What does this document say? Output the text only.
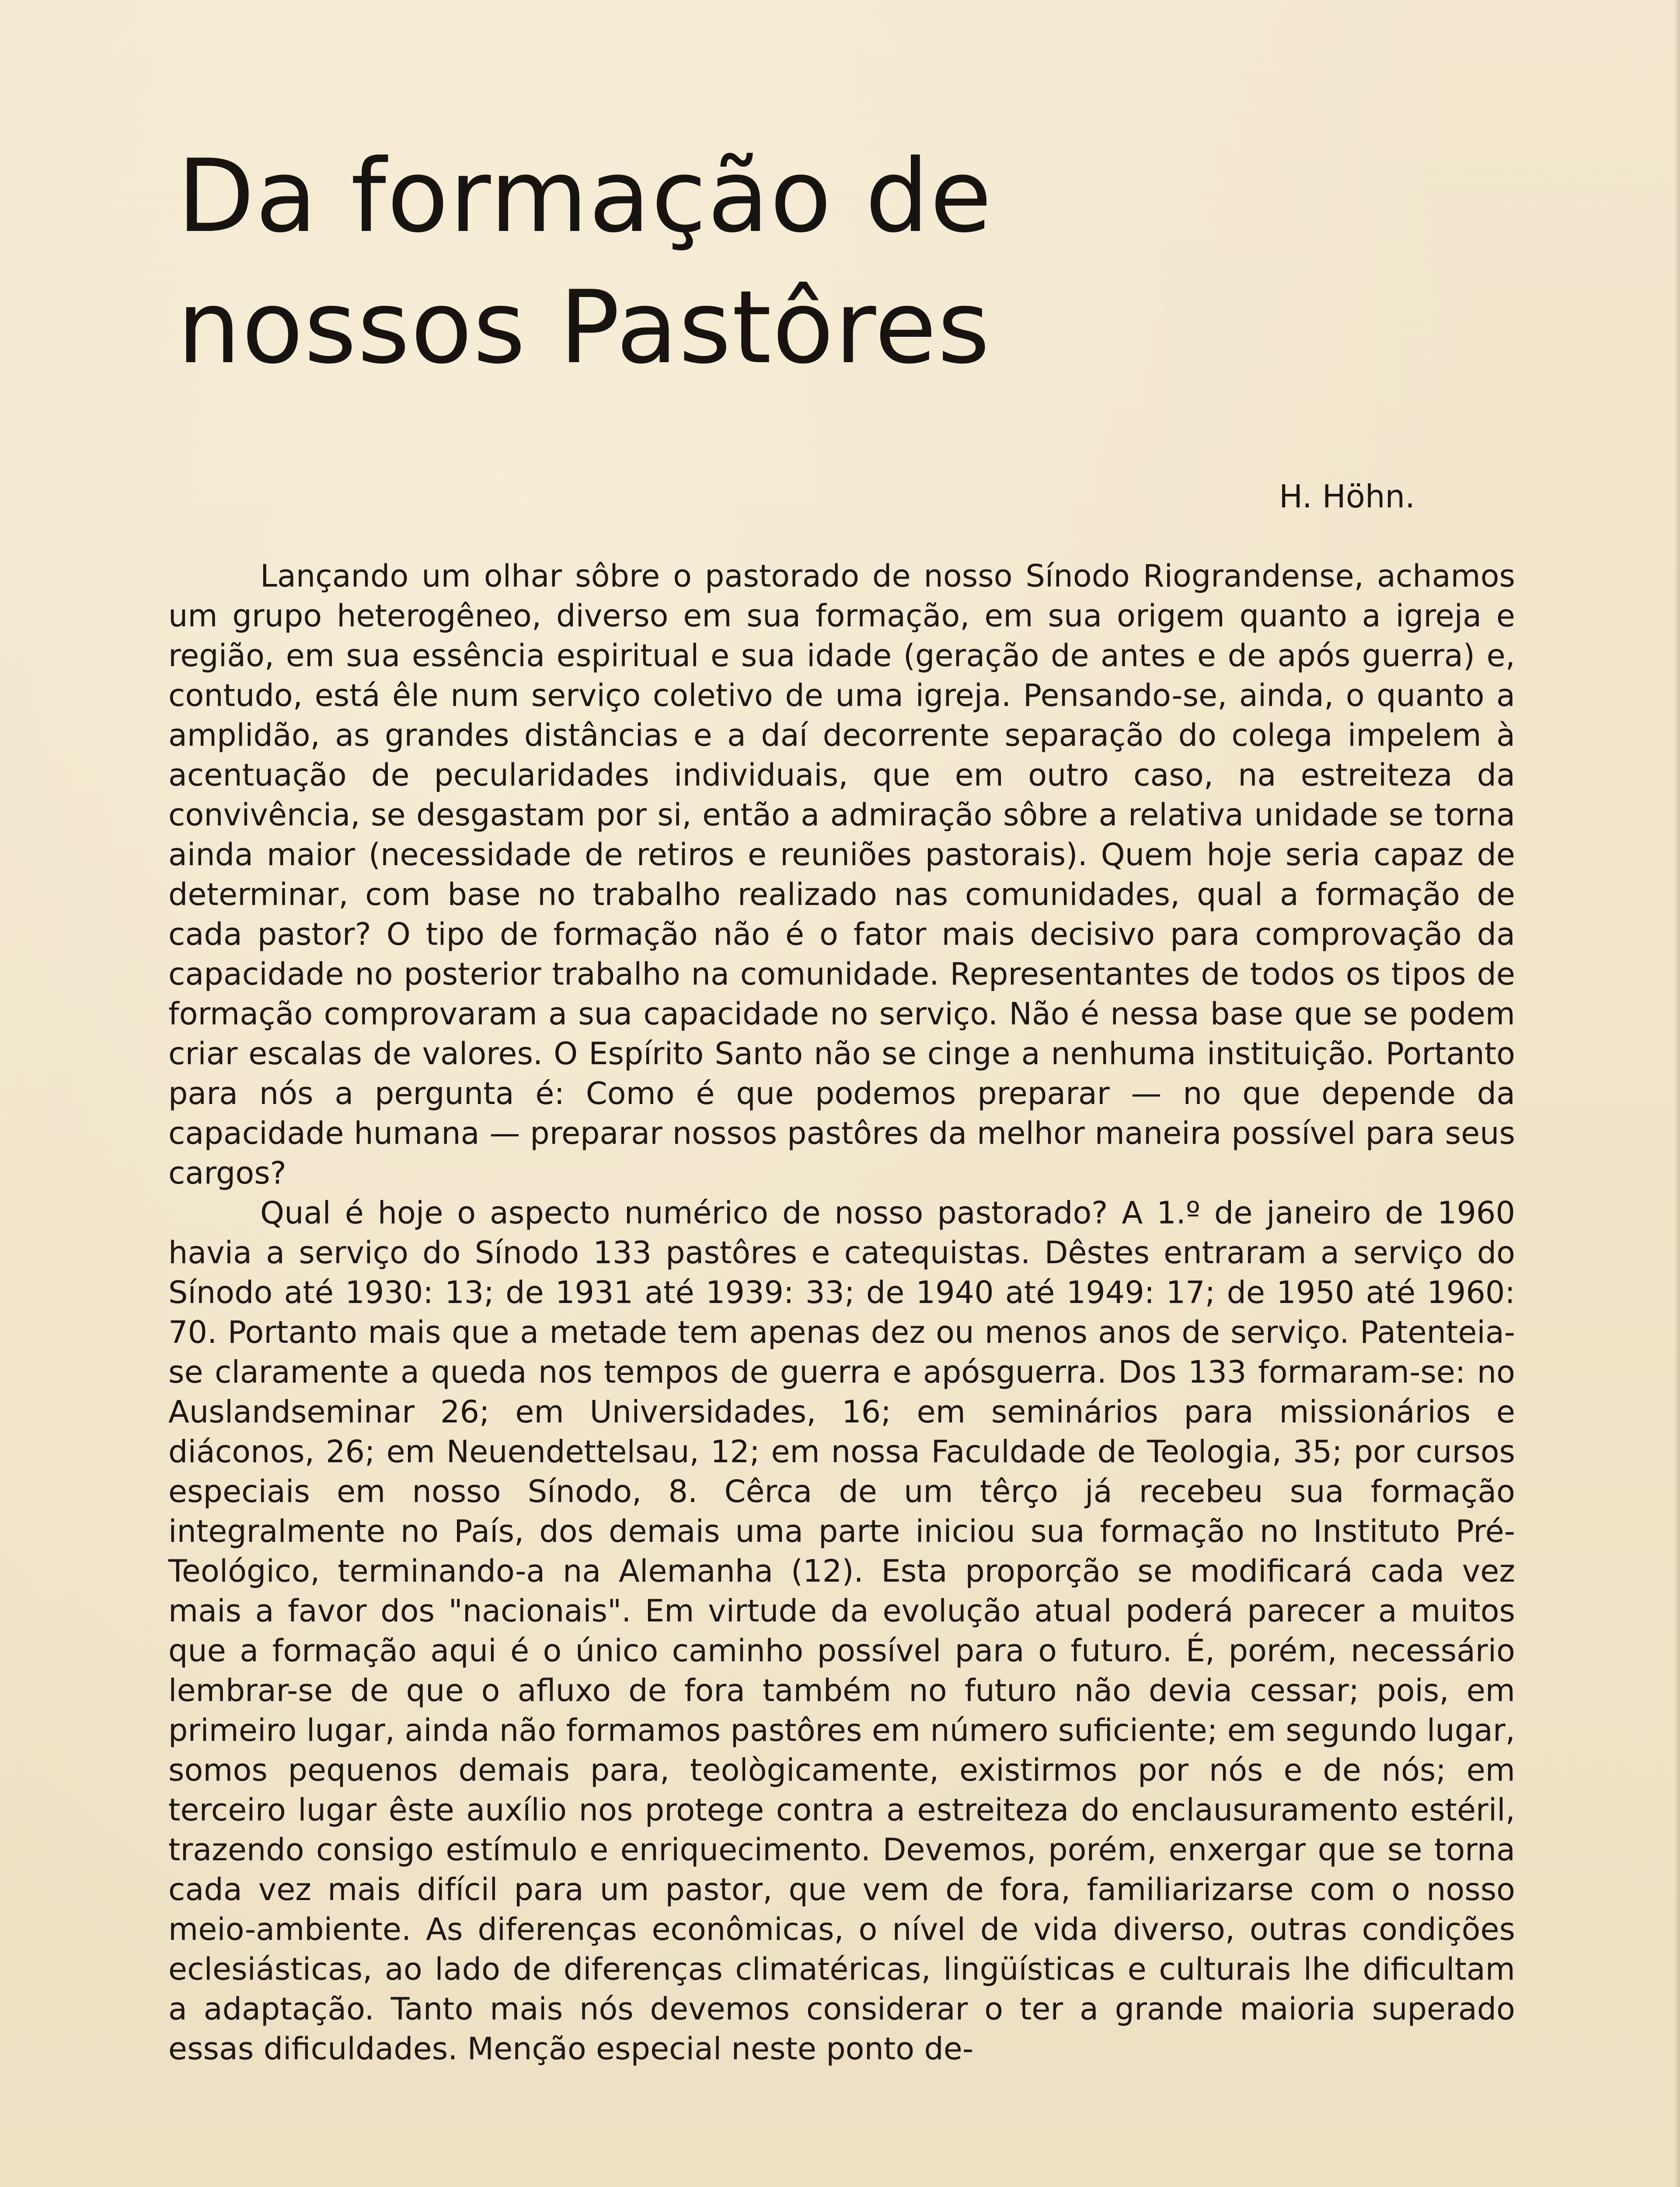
Da formação de
nossos Pastôres
H. Höhn.

Lançando um olhar sôbre o pastorado de nosso Sínodo Riograndense, achamos um grupo heterogêneo, diverso em sua formação, em sua origem quanto a igreja e região, em sua essência espiritual e sua idade (geração de antes e de após guerra) e, contudo, está êle num serviço coletivo de uma igreja. Pensando-se, ainda, o quanto a amplidão, as grandes distâncias e a daí decorrente separação do colega impelem à acentuação de pecularidades individuais, que em outro caso, na estreiteza da convivência, se desgastam por si, então a admiração sôbre a relativa unidade se torna ainda maior (necessidade de retiros e reuniões pastorais). Quem hoje seria capaz de determinar, com base no trabalho realizado nas comunidades, qual a formação de cada pastor? O tipo de formação não é o fator mais decisivo para comprovação da capacidade no posterior trabalho na comunidade. Representantes de todos os tipos de formação comprovaram a sua capacidade no serviço. Não é nessa base que se podem criar escalas de valores. O Espírito Santo não se cinge a nenhuma instituição. Portanto para nós a pergunta é: Como é que podemos preparar — no que depende da capacidade humana — preparar nossos pastôres da melhor maneira possível para seus cargos?

Qual é hoje o aspecto numérico de nosso pastorado? A 1.º de janeiro de 1960 havia a serviço do Sínodo 133 pastôres e catequistas. Dêstes entraram a serviço do Sínodo até 1930: 13; de 1931 até 1939: 33; de 1940 até 1949: 17; de 1950 até 1960: 70. Portanto mais que a metade tem apenas dez ou menos anos de serviço. Patenteia-se claramente a queda nos tempos de guerra e apósguerra. Dos 133 formaram-se: no Auslandseminar 26; em Universidades, 16; em seminários para missionários e diáconos, 26; em Neuendettelsau, 12; em nossa Faculdade de Teologia, 35; por cursos especiais em nosso Sínodo, 8. Cêrca de um têrço já recebeu sua formação integralmente no País, dos demais uma parte iniciou sua formação no Instituto Pré-Teológico, terminando-a na Alemanha (12). Esta proporção se modificará cada vez mais a favor dos "nacionais". Em virtude da evolução atual poderá parecer a muitos que a formação aqui é o único caminho possível para o futuro. É, porém, necessário lembrar-se de que o afluxo de fora também no futuro não devia cessar; pois, em primeiro lugar, ainda não formamos pastôres em número suficiente; em segundo lugar, somos pequenos demais para, teològicamente, existirmos por nós e de nós; em terceiro lugar êste auxílio nos protege contra a estreiteza do enclausuramento estéril, trazendo consigo estímulo e enriquecimento. Devemos, porém, enxergar que se torna cada vez mais difícil para um pastor, que vem de fora, familiarizarse com o nosso meio-ambiente. As diferenças econômicas, o nível de vida diverso, outras condições eclesiásticas, ao lado de diferenças climatéricas, lingüísticas e culturais lhe dificultam a adaptação. Tanto mais nós devemos considerar o ter a grande maioria superado essas dificuldades. Menção especial neste ponto de-
